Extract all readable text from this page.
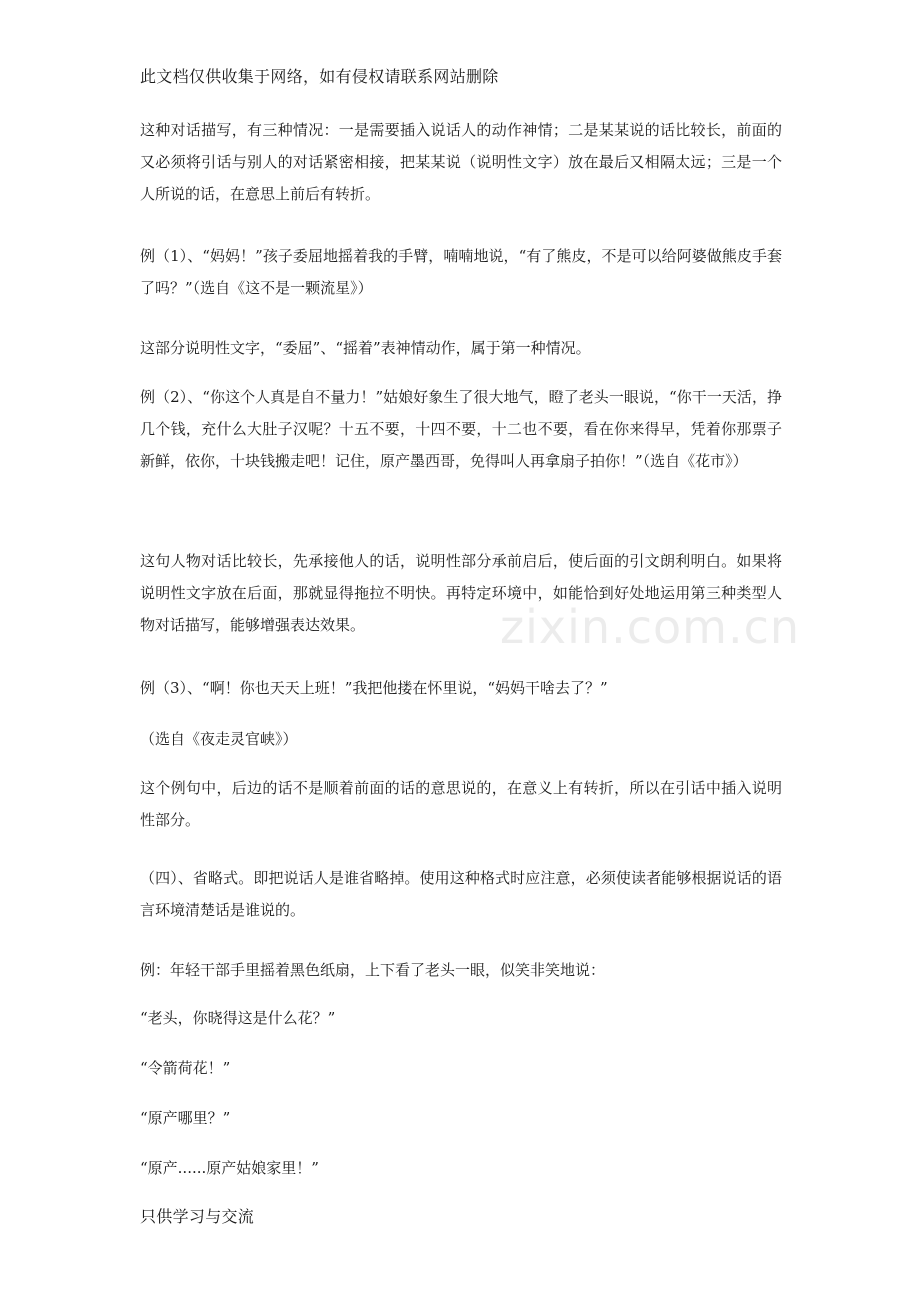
zixin.com.cn
此文档仅供收集于网络，如有侵权请联系网站删除

这种对话描写，有三种情况：一是需要插入说话人的动作神情；二是某某说的话比较长，前面的又必须将引话与别人的对话紧密相接，把某某说（说明性文字）放在最后又相隔太远；三是一个人所说的话，在意思上前后有转折。

例（1）、“妈妈！”孩子委屈地摇着我的手臂，喃喃地说，“有了熊皮，不是可以给阿婆做熊皮手套了吗？”（选自《这不是一颗流星》）

这部分说明性文字，“委屈”、“摇着”表神情动作，属于第一种情况。

例（2）、“你这个人真是自不量力！”姑娘好象生了很大地气，瞪了老头一眼说，“你干一天活，挣几个钱，充什么大肚子汉呢？十五不要，十四不要，十二也不要，看在你来得早，凭着你那票子新鲜，依你，十块钱搬走吧！记住，原产墨西哥，免得叫人再拿扇子拍你！”（选自《花市》）

这句人物对话比较长，先承接他人的话，说明性部分承前启后，使后面的引文朗利明白。如果将说明性文字放在后面，那就显得拖拉不明快。再特定环境中，如能恰到好处地运用第三种类型人物对话描写，能够增强表达效果。

例（3）、“啊！你也天天上班！”我把他搂在怀里说，“妈妈干啥去了？”

（选自《夜走灵官峡》）

这个例句中，后边的话不是顺着前面的话的意思说的，在意义上有转折，所以在引话中插入说明性部分。

（四）、省略式。即把说话人是谁省略掉。使用这种格式时应注意，必须使读者能够根据说话的语言环境清楚话是谁说的。

例：年轻干部手里摇着黑色纸扇，上下看了老头一眼，似笑非笑地说：

“老头，你晓得这是什么花？”

“令箭荷花！”

“原产哪里？”

“原产......原产姑娘家里！”

只供学习与交流
